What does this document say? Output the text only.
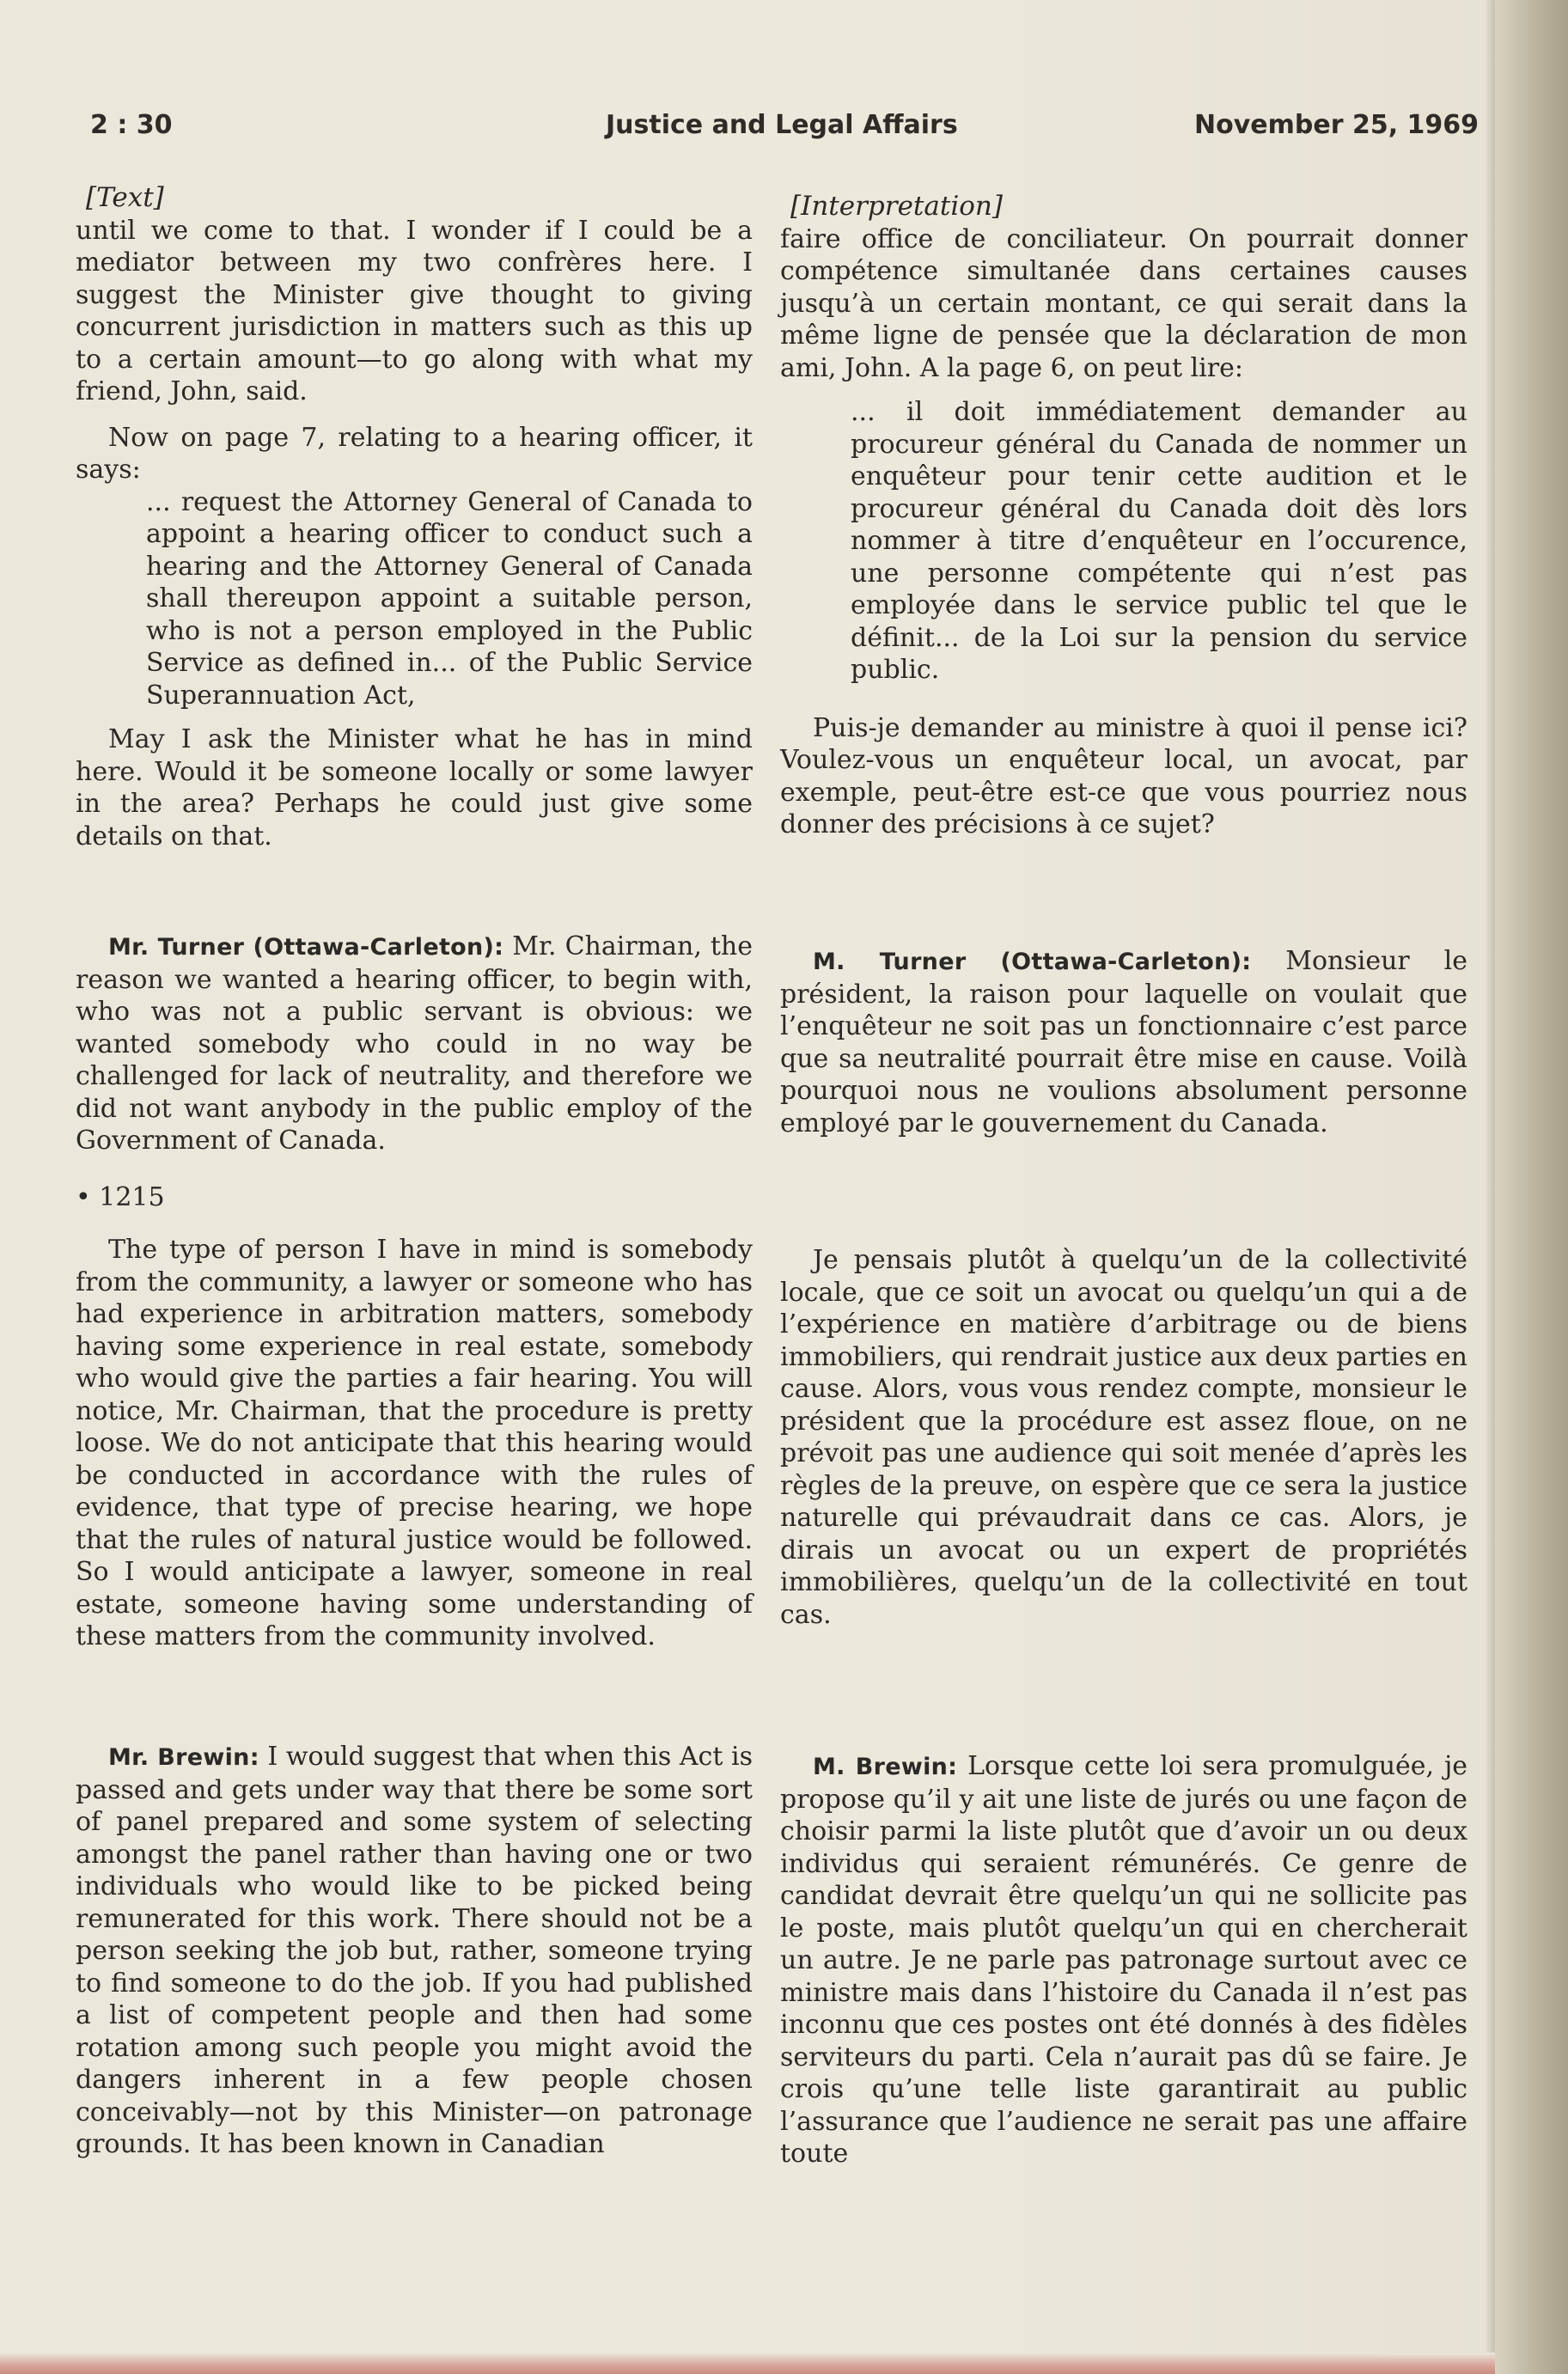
2 : 30	Justice and Legal Affairs	November 25, 1969
[Text]

until we come to that. I wonder if I could be a mediator between my two confrères here. I suggest the Minister give thought to giving concurrent jurisdiction in matters such as this up to a certain amount—to go along with what my friend, John, said.

Now on page 7, relating to a hearing officer, it says:

... request the Attorney General of Canada to appoint a hearing officer to conduct such a hearing and the Attorney General of Canada shall thereupon appoint a suitable person, who is not a person employed in the Public Service as defined in... of the Public Service Superannuation Act,

May I ask the Minister what he has in mind here. Would it be someone locally or some lawyer in the area? Perhaps he could just give some details on that.

Mr. Turner (Ottawa-Carleton): Mr. Chairman, the reason we wanted a hearing officer, to begin with, who was not a public servant is obvious: we wanted somebody who could in no way be challenged for lack of neutrality, and therefore we did not want anybody in the public employ of the Government of Canada.

• 1215

The type of person I have in mind is somebody from the community, a lawyer or someone who has had experience in arbitration matters, somebody having some experience in real estate, somebody who would give the parties a fair hearing. You will notice, Mr. Chairman, that the procedure is pretty loose. We do not anticipate that this hearing would be conducted in accordance with the rules of evidence, that type of precise hearing, we hope that the rules of natural justice would be followed. So I would anticipate a lawyer, someone in real estate, someone having some understanding of these matters from the community involved.

Mr. Brewin: I would suggest that when this Act is passed and gets under way that there be some sort of panel prepared and some system of selecting amongst the panel rather than having one or two individuals who would like to be picked being remunerated for this work. There should not be a person seeking the job but, rather, someone trying to find someone to do the job. If you had published a list of competent people and then had some rotation among such people you might avoid the dangers inherent in a few people chosen conceivably—not by this Minister—on patronage grounds. It has been known in Canadian

[Interpretation]

faire office de conciliateur. On pourrait donner compétence simultanée dans certaines causes jusqu’à un certain montant, ce qui serait dans la même ligne de pensée que la déclaration de mon ami, John. A la page 6, on peut lire:

... il doit immédiatement demander au procureur général du Canada de nommer un enquêteur pour tenir cette audition et le procureur général du Canada doit dès lors nommer à titre d’enquêteur en l’occurence, une personne compétente qui n’est pas employée dans le service public tel que le définit... de la Loi sur la pension du service public.

Puis-je demander au ministre à quoi il pense ici? Voulez-vous un enquêteur local, un avocat, par exemple, peut-être est-ce que vous pourriez nous donner des précisions à ce sujet?

M. Turner (Ottawa-Carleton): Monsieur le président, la raison pour laquelle on voulait que l’enquêteur ne soit pas un fonctionnaire c’est parce que sa neutralité pourrait être mise en cause. Voilà pourquoi nous ne voulions absolument personne employé par le gouvernement du Canada.

Je pensais plutôt à quelqu’un de la collectivité locale, que ce soit un avocat ou quelqu’un qui a de l’expérience en matière d’arbitrage ou de biens immobiliers, qui rendrait justice aux deux parties en cause. Alors, vous vous rendez compte, monsieur le président que la procédure est assez floue, on ne prévoit pas une audience qui soit menée d’après les règles de la preuve, on espère que ce sera la justice naturelle qui prévaudrait dans ce cas. Alors, je dirais un avocat ou un expert de propriétés immobilières, quelqu’un de la collectivité en tout cas.

M. Brewin: Lorsque cette loi sera promulguée, je propose qu’il y ait une liste de jurés ou une façon de choisir parmi la liste plutôt que d’avoir un ou deux individus qui seraient rémunérés. Ce genre de candidat devrait être quelqu’un qui ne sollicite pas le poste, mais plutôt quelqu’un qui en chercherait un autre. Je ne parle pas patronage surtout avec ce ministre mais dans l’histoire du Canada il n’est pas inconnu que ces postes ont été donnés à des fidèles serviteurs du parti. Cela n’aurait pas dû se faire. Je crois qu’une telle liste garantirait au public l’assurance que l’audience ne serait pas une affaire toute
